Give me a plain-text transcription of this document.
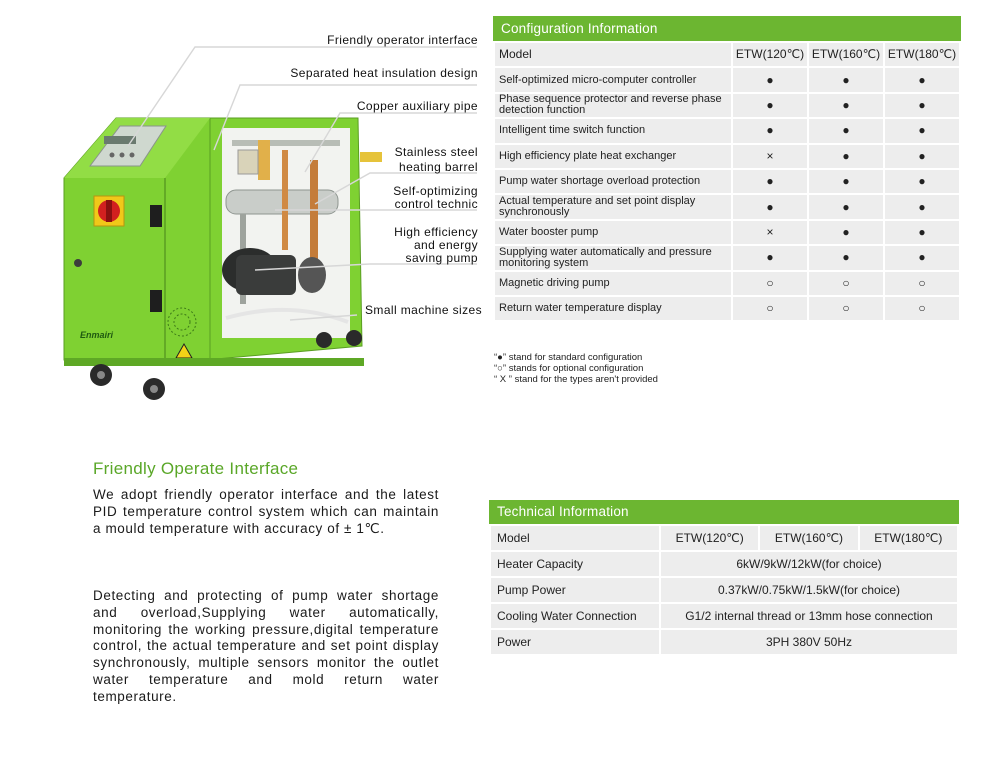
Enmairi
Friendly operator interface
Separated heat insulation design
Copper auxiliary pipe
Stainless steel
heating barrel
Self-optimizing
control technic
High efficiency
and energy
saving pump
Small machine sizes
Configuration Information
Model	ETW(120℃)	ETW(160℃)	ETW(180℃)
Self-optimized micro-computer controller	●	●	●
Phase sequence protector and reverse phase detection function	●	●	●
Intelligent time switch function	●	●	●
High efficiency plate heat exchanger	×	●	●
Pump water shortage overload protection	●	●	●
Actual temperature and set point display synchronously	●	●	●
Water booster pump	×	●	●
Supplying water automatically and pressure monitoring system	●	●	●
Magnetic driving pump	○	○	○
Return water temperature display	○	○	○
“●” stand for standard configuration
“○” stands for optional configuration
“ X ” stand for the types aren't provided
Friendly Operate Interface
We adopt friendly operator interface and the latest PID temperature control system which can maintain a mould temperature with accuracy of ± 1℃.
Detecting and protecting of pump water shortage and overload,Supplying water automatically, monitoring the working pressure,digital temperature control, the actual temperature and set point display synchronously, multiple sensors monitor the outlet water temperature and mold return water temperature.
Technical Information
Model	ETW(120℃)	ETW(160℃)	ETW(180℃)
Heater Capacity	6kW/9kW/12kW(for choice)		
Pump Power	0.37kW/0.75kW/1.5kW(for choice)		
Cooling Water Connection	G1/2 internal thread or 13mm hose connection		
Power	3PH 380V 50Hz		
